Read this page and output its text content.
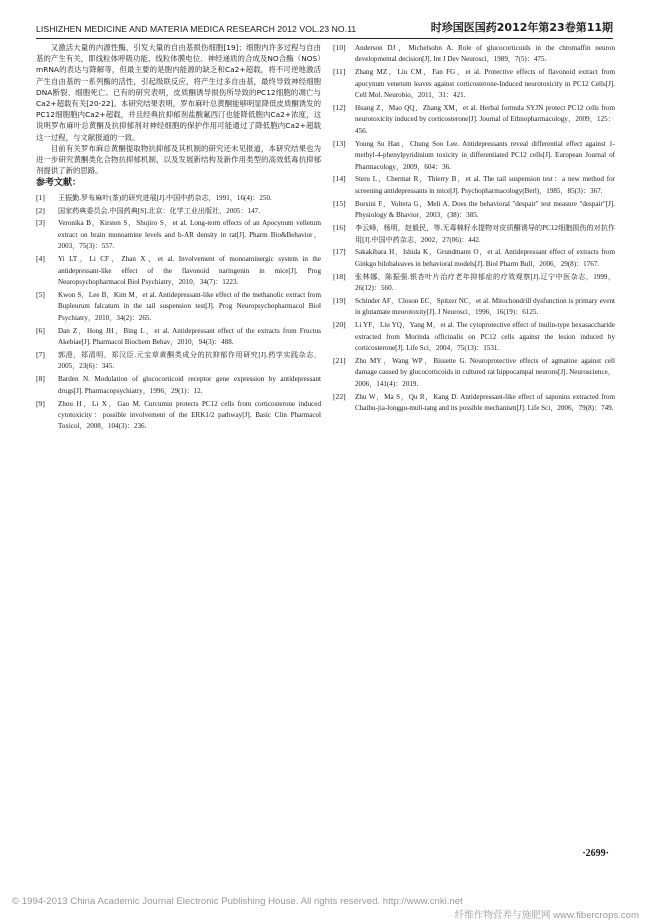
LISHIZHEN MEDICINE AND MATERIA MEDICA RESEARCH 2012 VOL.23 NO.11	时珍国医国药2012年第23卷第11期

又激活大量的内源性酶，引发大量的自由基损伤细胞[19]；细胞内许多过程与自由基的产生有关，即线粒体呼吸功能、线粒体膜电位、神经递质的合成及NO合酶（NOS）mRNA的表达与降解等，但最主要的是胞内能源的缺乏和Ca2+超载，将不可逆地激活产生自由基的一系列酶的活性，引起级联反应，将产生过多自由基，最终导致神经细胞DNA断裂、细胞死亡。已有的研究表明，皮质酮诱导损伤所导致的PC12细胞的凋亡与Ca2+超载有关[20-22]。本研究结果表明，罗布麻叶总黄酮能够明显降低皮质酮诱发的PC12细胞胞内Ca2+超载，并且经典抗抑郁剂盐酸氟西汀也能降低胞内Ca2+浓度，这说明罗布麻叶总黄酮及抗抑郁剂对神经细胞的保护作用可能通过了降低胞内Ca2+超载这一过程，与文献报道的一致。

目前有关罗布麻总黄酮提取物抗抑郁及其机制的研究还未见报道，本研究结果也为进一步研究黄酮类化合物抗抑郁机制，以及发展新结构及新作用类型的高效低毒抗抑郁剂提供了新的思路。

参考文献：
[1] 王振勤.罗布麻叶(茶)的研究进展[J].中国中药杂志，1991，16(4)：250.
[2] 国家药典委员会.中国药典[S].北京：化学工业出版社，2005：147.
[3] Veronika B，Kirsten S，Shujiro S，et al. Long-term effects of an Apocynum velletum extract on brain monoamine levels and b-AR density in rat[J]. Pharm Bio&Behavior，2003，75(3)：557.
[4] Yi LT，Li CF，Zhan X，et al. Involvement of monoaminergic system in the antidepressant-like effect of the flavonoid naringenin in mice[J]. Prog Neuropsychopharmacol Biol Psychiatry，2010，34(7)：1223.
[5] Kwon S，Lee B，Kim M，et al. Antidepressant-like effect of the methanolic extract from Bupleurum falcatum in the tail suspension test[J]. Prog Neuropsychopharmacol Biol Psychiatry，2010，34(2)：265.
[6] Dan Z，Hong JH，Bing L，et al. Antidepressant effect of the extracts from Fructus Akebiae[J]. Pharmacol Biochem Behav，2010，94(3)：488.
[7] 郭澄，郑清明，郑汉臣.元宝草黄酮类成分的抗抑郁作用研究[J].药学实践杂志，2005，23(6)：345.
[8] Barden N. Modulation of glucocorticoid receptor gene expression by antidepressant drugs[J]. Pharmacopsychiatry，1996，29(1)：12.
[9] Zhou H，Li X，Gao M. Curcumin protects PC12 cells from corticosterone induced cytotoxicity：possible involvement of the ERK1/2 pathway[J]. Basic Clin Pharmacol Toxicol，2008，104(3)：236.
[10] Anderson DJ，Michelsohn A. Role of glucocorticoids in the chromaffin neuron developmental decision[J]. Int J Dev Neurosci，1989，7(5)：475.
[11] Zhang MZ，Liu CM，Fan FG，et al. Protective effects of flavonoid extract from apocynum venetum leaves against corticosterone-Induced neurotoxicity in PC12 Cells[J]. Cell Mol. Neurobio，2011，31：421.
[12] Huang Z，Mao QQ，Zhang XM，et al. Herbal formula SYJN protect PC12 cells from neurotoxicity induced by corticosterone[J]. Journal of Ethnopharmacology，2009，125：456.
[13] Young Su Han，Chung Soo Lee. Antidepressants reveal differential effect against 1-methyl-4-phenylpyridinium toxicity in differentiated PC12 cells[J]. European Journal of Pharmacology，2009，604：36.
[14] Steru L，Chermat R，Thierry B，et al. The tail suspension test：a new method for screening antidepressants in mice[J]. Psychopharmacology(Berl)，1985，85(3)：367.
[15] Borsini F，Voltera G，Meli A. Does the behavioral "despair" test measure "despair"[J]. Physiology & Bhavior，2003，(38)：385.
[16] 李云峰，杨明，赵毅民，等.无毒棉籽水提物对皮质酮诱导的PC12细胞损伤的对抗作用[J].中国中药杂志，2002，27(06)：442.
[17] Sakakibara H，Ishida K，Grundmann O，et al. Antidepressant effect of extracts from Ginkgo bilobaleaves in behavioral models[J]. Biol Pharm Bull，2006，29(8)：1767.
[18] 张林娜，陈振强.银杏叶片治疗老年抑郁症的疗效观察[J].辽宁中医杂志，1999，26(12)：560.
[19] Schinder AF，Closon EC，Spitzer NC，et al. Mitochondrill dysfunction is primary event in glutamate meurotoxity[J]. J Neurosci，1996，16(19)：6125.
[20] Li YF，Liu YQ，Yang M，et al. The cytoprotective effect of inulin-type hexasaccharide extracted from Morinda officinalis on PC12 cells against the lesion induced by corticosterone[J]. Life Sci，2004，75(13)：1531.
[21] Zhu MY，Wang WP，Bissette G. Neuroprotective effects of agmatine against cell damage caused by glucocorticoids in cultured rat hippocampal neurons[J]. Neuroscience，2006，141(4)：2019.
[22] Zhu W，Ma S，Qu R，Kang D. Antidepressant-like effect of saponins extracted from Chaihu-jia-longgu-muli-tang and its possible mechanism[J]. Life Sci，2006，79(8)：749.
·2699·
© 1994-2013 China Academic Journal Electronic Publishing House. All rights reserved. http://www.cnki.net
纤维作物营养与施肥网 www.fibercrops.com
